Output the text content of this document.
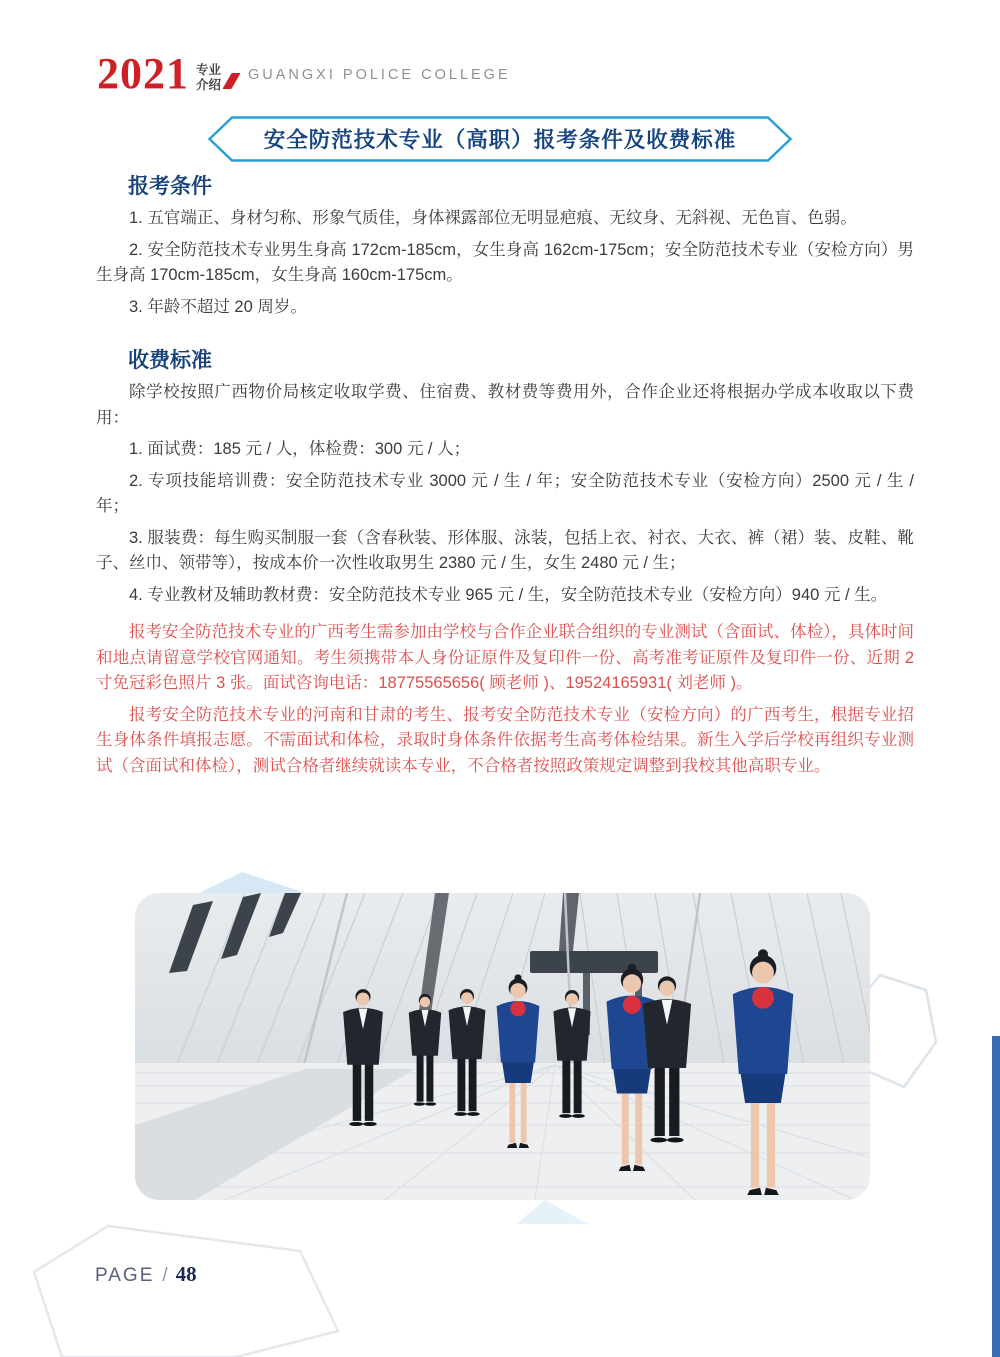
2021 专业
介绍
GUANGXI POLICE COLLEGE
安全防范技术专业（高职）报考条件及收费标准
报考条件

1. 五官端正、身材匀称、形象气质佳，身体裸露部位无明显疤痕、无纹身、无斜视、无色盲、色弱。

2. 安全防范技术专业男生身高 172cm-185cm，女生身高 162cm-175cm；安全防范技术专业（安检方向）男生身高 170cm-185cm，女生身高 160cm-175cm。

3. 年龄不超过 20 周岁。

收费标准

除学校按照广西物价局核定收取学费、住宿费、教材费等费用外，合作企业还将根据办学成本收取以下费用：

1. 面试费：185 元 / 人，体检费：300 元 / 人；

2. 专项技能培训费：安全防范技术专业 3000 元 / 生 / 年；安全防范技术专业（安检方向）2500 元 / 生 / 年；

3. 服装费：每生购买制服一套（含春秋装、形体服、泳装，包括上衣、衬衣、大衣、裤（裙）装、皮鞋、靴子、丝巾、领带等），按成本价一次性收取男生 2380 元 / 生，女生 2480 元 / 生；

4. 专业教材及辅助教材费：安全防范技术专业 965 元 / 生，安全防范技术专业（安检方向）940 元 / 生。

报考安全防范技术专业的广西考生需参加由学校与合作企业联合组织的专业测试（含面试、体检），具体时间和地点请留意学校官网通知。考生须携带本人身份证原件及复印件一份、高考准考证原件及复印件一份、近期 2 寸免冠彩色照片 3 张。面试咨询电话：18775565656( 顾老师 )、19524165931( 刘老师 )。

报考安全防范技术专业的河南和甘肃的考生、报考安全防范技术专业（安检方向）的广西考生，根据专业招生身体条件填报志愿。不需面试和体检，录取时身体条件依据考生高考体检结果。新生入学后学校再组织专业测试（含面试和体检），测试合格者继续就读本专业，不合格者按照政策规定调整到我校其他高职专业。

PAGE / 48
